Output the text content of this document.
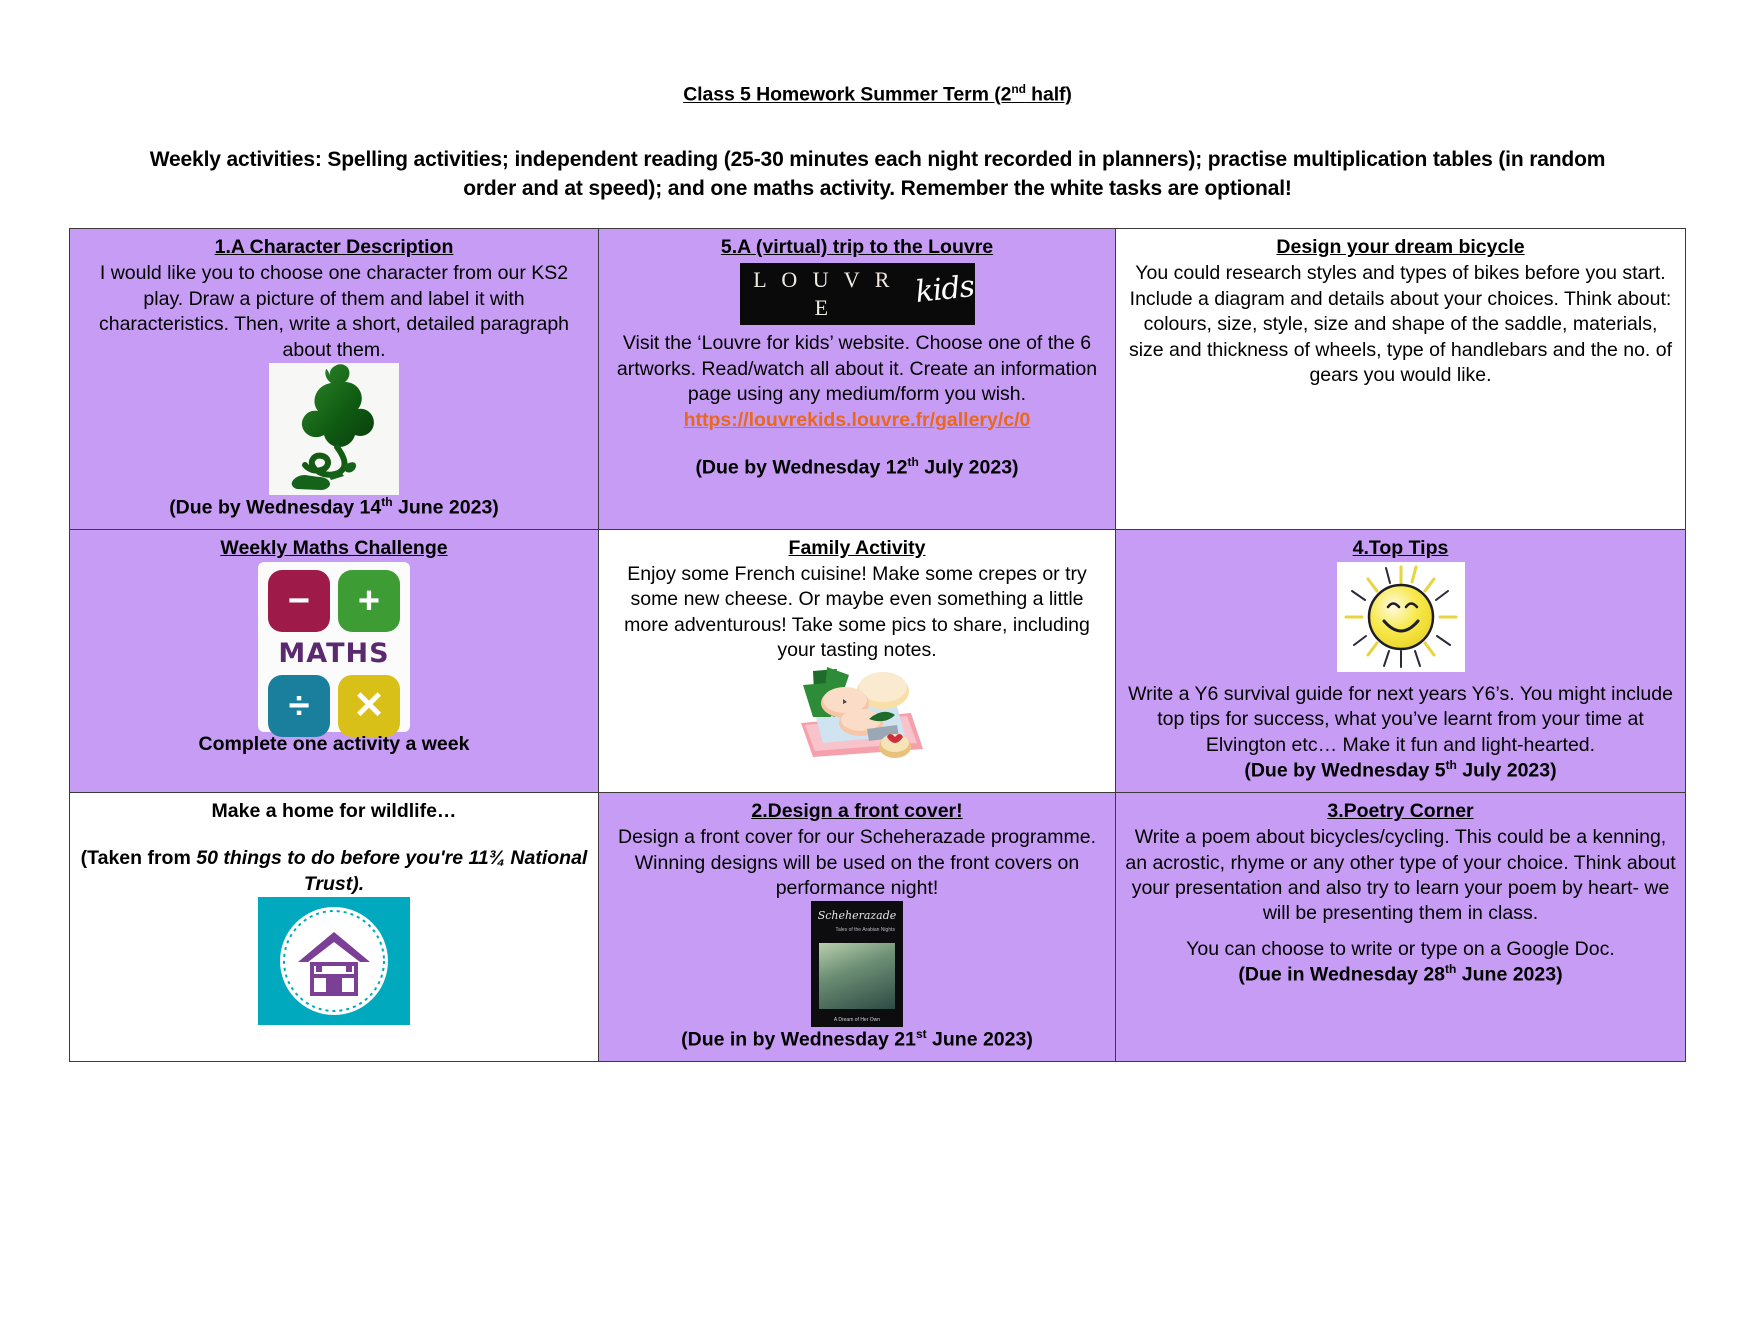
Class 5 Homework Summer Term (2nd half)
Weekly activities: Spelling activities; independent reading (25-30 minutes each night recorded in planners); practise multiplication tables (in random order and at speed); and one maths activity. Remember the white tasks are optional!
1.A Character Description
I would like you to choose one character from our KS2 play. Draw a picture of them and label it with characteristics. Then, write a short, detailed paragraph about them.
(Due by Wednesday 14th June 2023)

5.A (virtual) trip to the Louvre
L O U V R E	kids
Visit the ‘Louvre for kids’ website. Choose one of the 6 artworks. Read/watch all about it. Create an information page using any medium/form you wish.
https://louvrekids.louvre.fr/gallery/c/0
(Due by Wednesday 12th July 2023)

Design your dream bicycle
You could research styles and types of bikes before you start. Include a diagram and details about your choices. Think about: colours, size, style, size and shape of the saddle, materials, size and thickness of wheels, type of handlebars and the no. of gears you would like.

Weekly Maths Challenge
−	+
MATHS
÷	✕
Complete one activity a week

Family Activity
Enjoy some French cuisine! Make some crepes or try some new cheese. Or maybe even something a little more adventurous! Take some pics to share, including your tasting notes.

4.Top Tips
Write a Y6 survival guide for next years Y6’s. You might include top tips for success, what you’ve learnt from your time at Elvington etc… Make it fun and light-hearted.
(Due by Wednesday 5th July 2023)

Make a home for wildlife…
(Taken from 50 things to do before you're 11¾ National Trust).

2.Design a front cover!
Design a front cover for our Scheherazade programme. Winning designs will be used on the front covers on performance night!
Scheherazade
Tales of the Arabian Nights
A Dream of Her Own
(Due in by Wednesday 21st June 2023)

3.Poetry Corner
Write a poem about bicycles/cycling. This could be a kenning, an acrostic, rhyme or any other type of your choice. Think about your presentation and also try to learn your poem by heart- we will be presenting them in class.
You can choose to write or type on a Google Doc.
(Due in Wednesday 28th June 2023)
